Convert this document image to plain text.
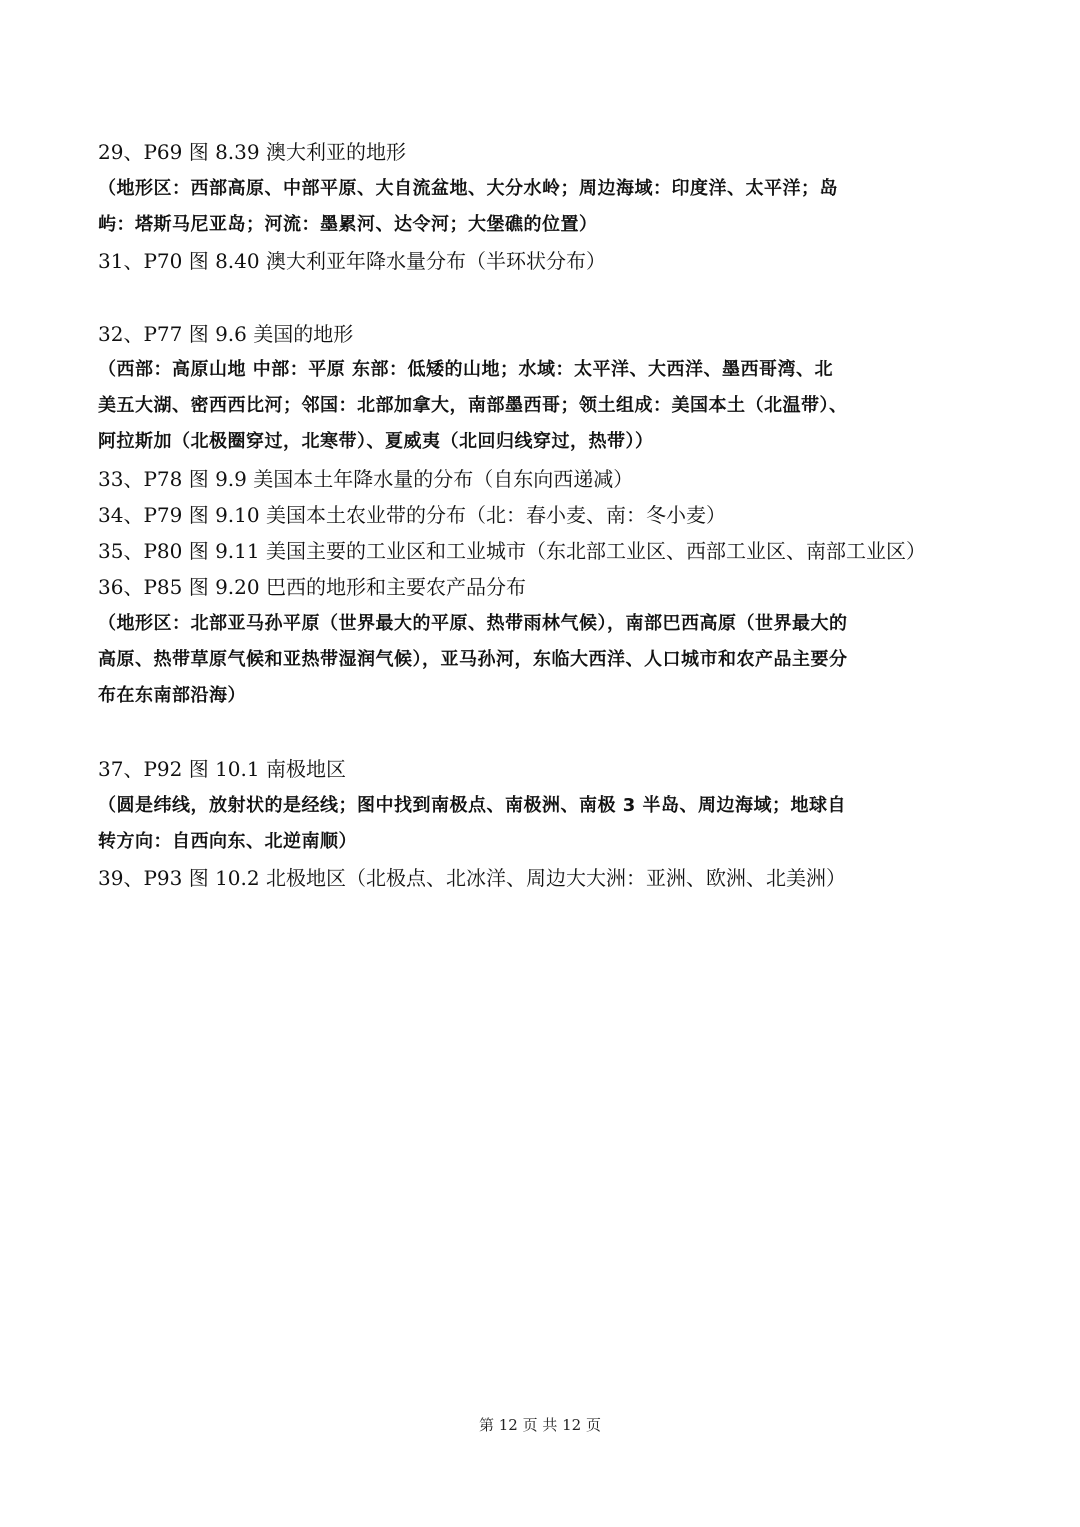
29、P69 图 8.39 澳大利亚的地形
（地形区：西部高原、中部平原、大自流盆地、大分水岭；周边海域：印度洋、太平洋；岛
屿：塔斯马尼亚岛；河流：墨累河、达令河；大堡礁的位置）
31、P70 图 8.40 澳大利亚年降水量分布（半环状分布）
32、P77 图 9.6 美国的地形
（西部：高原山地 中部：平原 东部：低矮的山地；水域：太平洋、大西洋、墨西哥湾、北
美五大湖、密西西比河；邻国：北部加拿大，南部墨西哥；领土组成：美国本土（北温带）、
阿拉斯加（北极圈穿过，北寒带）、夏威夷（北回归线穿过，热带））
33、P78 图 9.9 美国本土年降水量的分布（自东向西递减）
34、P79 图 9.10 美国本土农业带的分布（北：春小麦、南：冬小麦）
35、P80 图 9.11 美国主要的工业区和工业城市（东北部工业区、西部工业区、南部工业区）
36、P85 图 9.20 巴西的地形和主要农产品分布
（地形区：北部亚马孙平原（世界最大的平原、热带雨林气候），南部巴西高原（世界最大的
高原、热带草原气候和亚热带湿润气候），亚马孙河，东临大西洋、人口城市和农产品主要分
布在东南部沿海）
37、P92 图 10.1 南极地区
（圆是纬线，放射状的是经线；图中找到南极点、南极洲、南极 3 半岛、周边海域；地球自
转方向：自西向东、北逆南顺）
39、P93 图 10.2 北极地区（北极点、北冰洋、周边大大洲：亚洲、欧洲、北美洲）
第 12 页 共 12 页
